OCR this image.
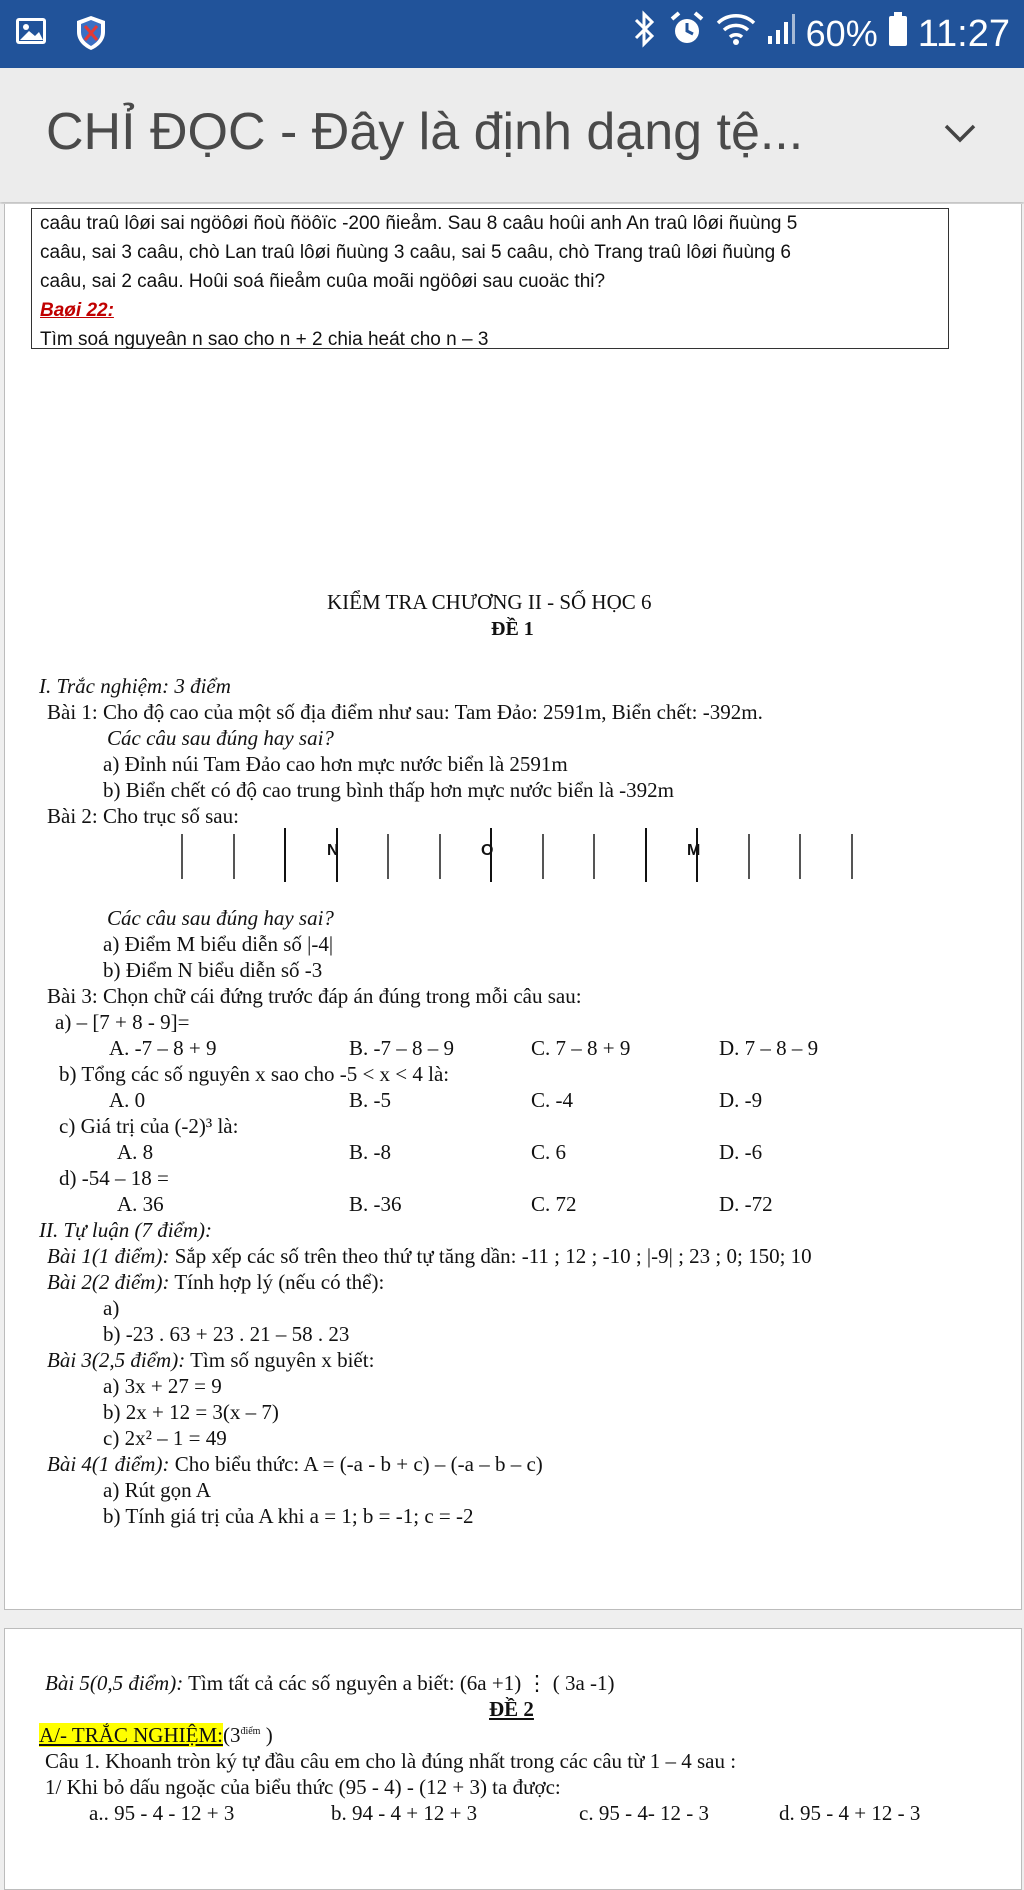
60% 11:27
CHỈ ĐỌC - Đây là định dạng tệ...
caâu traû lôøi sai ngöôøi ñoù ñöôïc -200 ñieåm. Sau 8 caâu hoûi anh An traû lôøi ñuùng 5
caâu, sai 3 caâu, chò Lan traû lôøi ñuùng 3 caâu, sai 5 caâu, chò Trang traû lôøi ñuùng 6
caâu, sai 2 caâu. Hoûi soá ñieåm cuûa moãi ngöôøi sau cuoäc thi?
Baøi 22:
Tìm soá nguyeân n sao cho n + 2 chia heát cho n – 3
KIỂM TRA CHƯƠNG II - SỐ HỌC 6
ĐỀ 1
I. Trắc nghiệm: 3 điểm
Bài 1: Cho độ cao của một số địa điểm như sau: Tam Đảo: 2591m, Biển chết: -392m.
Các câu sau đúng hay sai?
a) Đỉnh núi Tam Đảo cao hơn mực nước biển là 2591m
b) Biển chết có độ cao trung bình thấp hơn mực nước biển là -392m
Bài 2: Cho trục số sau:
N	O	M
Các câu sau đúng hay sai?
a) Điểm M biểu diễn số |-4|
b) Điểm N biểu diễn số -3
Bài 3: Chọn chữ cái đứng trước đáp án đúng trong mỗi câu sau:
a) – [7 + 8 - 9]=
A. -7 – 8 + 9	B. -7 – 8 – 9	C. 7 – 8 + 9	D. 7 – 8 – 9
b) Tổng các số nguyên x sao cho -5 < x < 4 là:
A. 0	B. -5	C. -4	D. -9
c) Giá trị của (-2)³ là:
A. 8	B. -8	C. 6	D. -6
d) -54 – 18 =
A. 36	B. -36	C. 72	D. -72
II. Tự luận (7 điểm):
Bài 1(1 điểm): Sắp xếp các số trên theo thứ tự tăng dần: -11 ; 12 ; -10 ; |-9| ; 23 ; 0; 150; 10
Bài 2(2 điểm): Tính hợp lý (nếu có thể):
a)
b) -23 . 63 + 23 . 21 – 58 . 23
Bài 3(2,5 điểm): Tìm số nguyên x biết:
a) 3x + 27 = 9
b) 2x + 12 = 3(x – 7)
c) 2x² – 1 = 49
Bài 4(1 điểm): Cho biểu thức: A = (-a - b + c) – (-a – b – c)
a) Rút gọn A
b) Tính giá trị của A khi a = 1; b = -1; c = -2
Bài 5(0,5 điểm): Tìm tất cả các số nguyên a biết: (6a +1) ⋮ ( 3a -1)
ĐỀ 2
A/- TRẮC $NGHIỆM:(3^{điểm}$ )
Câu 1. Khoanh tròn ký tự đầu câu em cho là đúng nhất trong các câu từ 1 – 4 sau :
1/ Khi bỏ dấu ngoặc của biểu thức (95 - 4) - (12 + 3) ta được:
a.. 95 - 4 - 12 + 3	b. 94 - 4 + 12 + 3	c. 95 - 4- 12 - 3	d. 95 - 4 + 12 - 3
